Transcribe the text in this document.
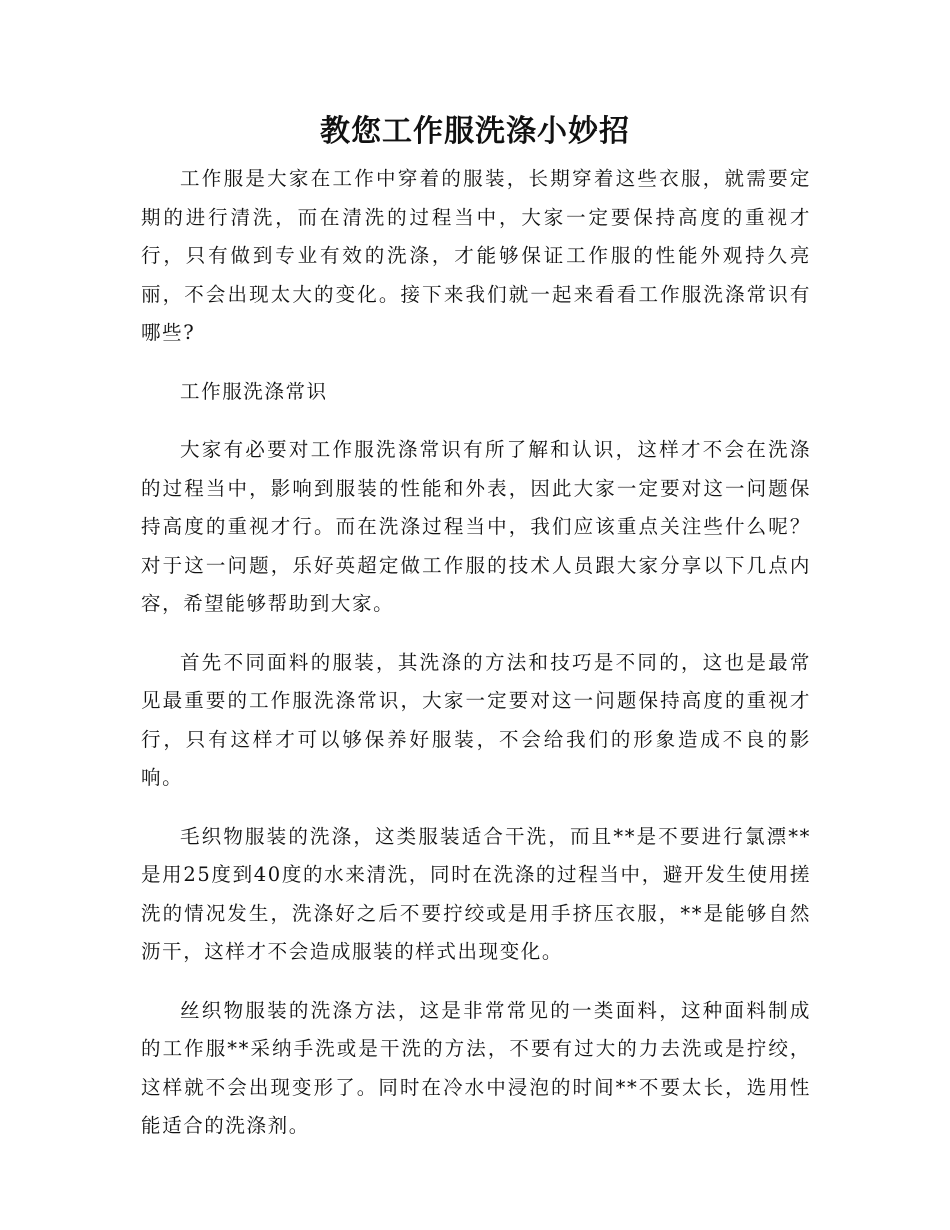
教您工作服洗涤小妙招

工作服是大家在工作中穿着的服装，长期穿着这些衣服，就需要定期的进行清洗，而在清洗的过程当中，大家一定要保持高度的重视才行，只有做到专业有效的洗涤，才能够保证工作服的性能外观持久亮丽，不会出现太大的变化。接下来我们就一起来看看工作服洗涤常识有哪些?

工作服洗涤常识

大家有必要对工作服洗涤常识有所了解和认识，这样才不会在洗涤的过程当中，影响到服装的性能和外表，因此大家一定要对这一问题保持高度的重视才行。而在洗涤过程当中，我们应该重点关注些什么呢？对于这一问题，乐好英超定做工作服的技术人员跟大家分享以下几点内容，希望能够帮助到大家。

首先不同面料的服装，其洗涤的方法和技巧是不同的，这也是最常见最重要的工作服洗涤常识，大家一定要对这一问题保持高度的重视才行，只有这样才可以够保养好服装，不会给我们的形象造成不良的影响。

毛织物服装的洗涤，这类服装适合干洗，而且**是不要进行氯漂**是用25度到40度的水来清洗，同时在洗涤的过程当中，避开发生使用搓洗的情况发生，洗涤好之后不要拧绞或是用手挤压衣服，**是能够自然沥干，这样才不会造成服装的样式出现变化。

丝织物服装的洗涤方法，这是非常常见的一类面料，这种面料制成的工作服**采纳手洗或是干洗的方法，不要有过大的力去洗或是拧绞，这样就不会出现变形了。同时在冷水中浸泡的时间**不要太长，选用性能适合的洗涤剂。
